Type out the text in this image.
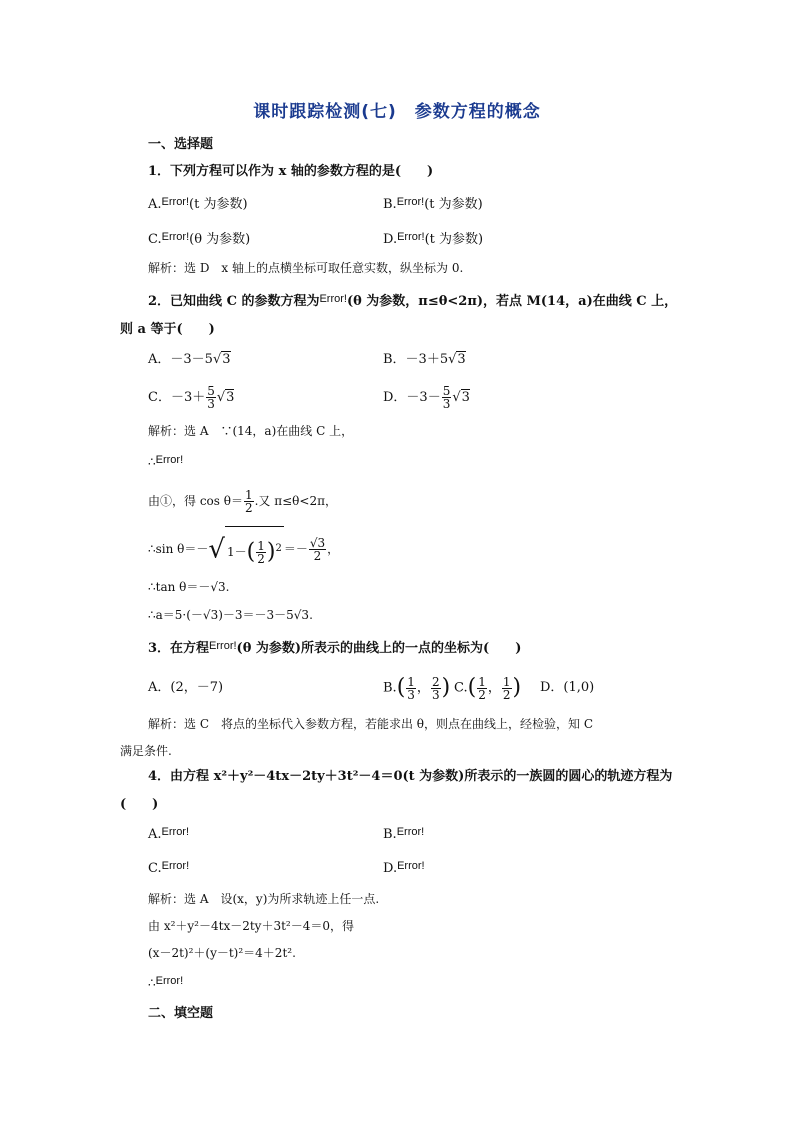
课时跟踪检测(七)　参数方程的概念
一、选择题
1．下列方程可以作为 x 轴的参数方程的是(　　)
A.$^{Error!}$(t 为参数)	B.$^{Error!}$(t 为参数)
C.$^{Error!}$(θ 为参数)	D.$^{Error!}$(t 为参数)
解析：选 D　x 轴上的点横坐标可取任意实数，纵坐标为 0.
2．已知曲线 C 的参数方程为$^{Error!}$(θ 为参数，π≤θ<2π)，若点 M(14，a)在曲线 C 上，
则 a 等于(　　)
A．－3－5√3	B．－3＋5√3
C．$-3+ \frac{5}{3} √3$	D．$-3- \frac{5}{3} √3$
解析：选 A　∵(14，a)在曲线 C 上，
∴Error!
由①，得 $\cos \theta= \frac{1}{2}$ .又 π≤θ<2π，
∴sin θ＝－√ $1-( \frac{1}{2} )^2 =- \frac{√3}{2}$ ，
∴tan θ＝－√3.
∴a＝5·(－√3)－3＝－3－5√3.
3．在方程$^{Error!}$(θ 为参数)所表示的曲线上的一点的坐标为(　　)
A．(2，－7)	$B.( \frac{1}{3}$ ， $\frac{2}{3}$ ) $C.( \frac{1}{2}$ ， $\frac{1}{2}$ ) D．(1,0)
解析：选 C　将点的坐标代入参数方程，若能求出 θ，则点在曲线上，经检验，知 C
满足条件.
4．由方程 x²＋y²－4tx－2ty＋3t²－4＝0(t 为参数)所表示的一族圆的圆心的轨迹方程为
(　　)
A.$^{Error!}$	B.$^{Error!}$
C.$^{Error!}$	D.$^{Error!}$
解析：选 A　设(x，y)为所求轨迹上任一点.
由 x²＋y²－4tx－2ty＋3t²－4＝0，得
(x－2t)²＋(y－t)²＝4＋2t².
∴Error!
二、填空题
